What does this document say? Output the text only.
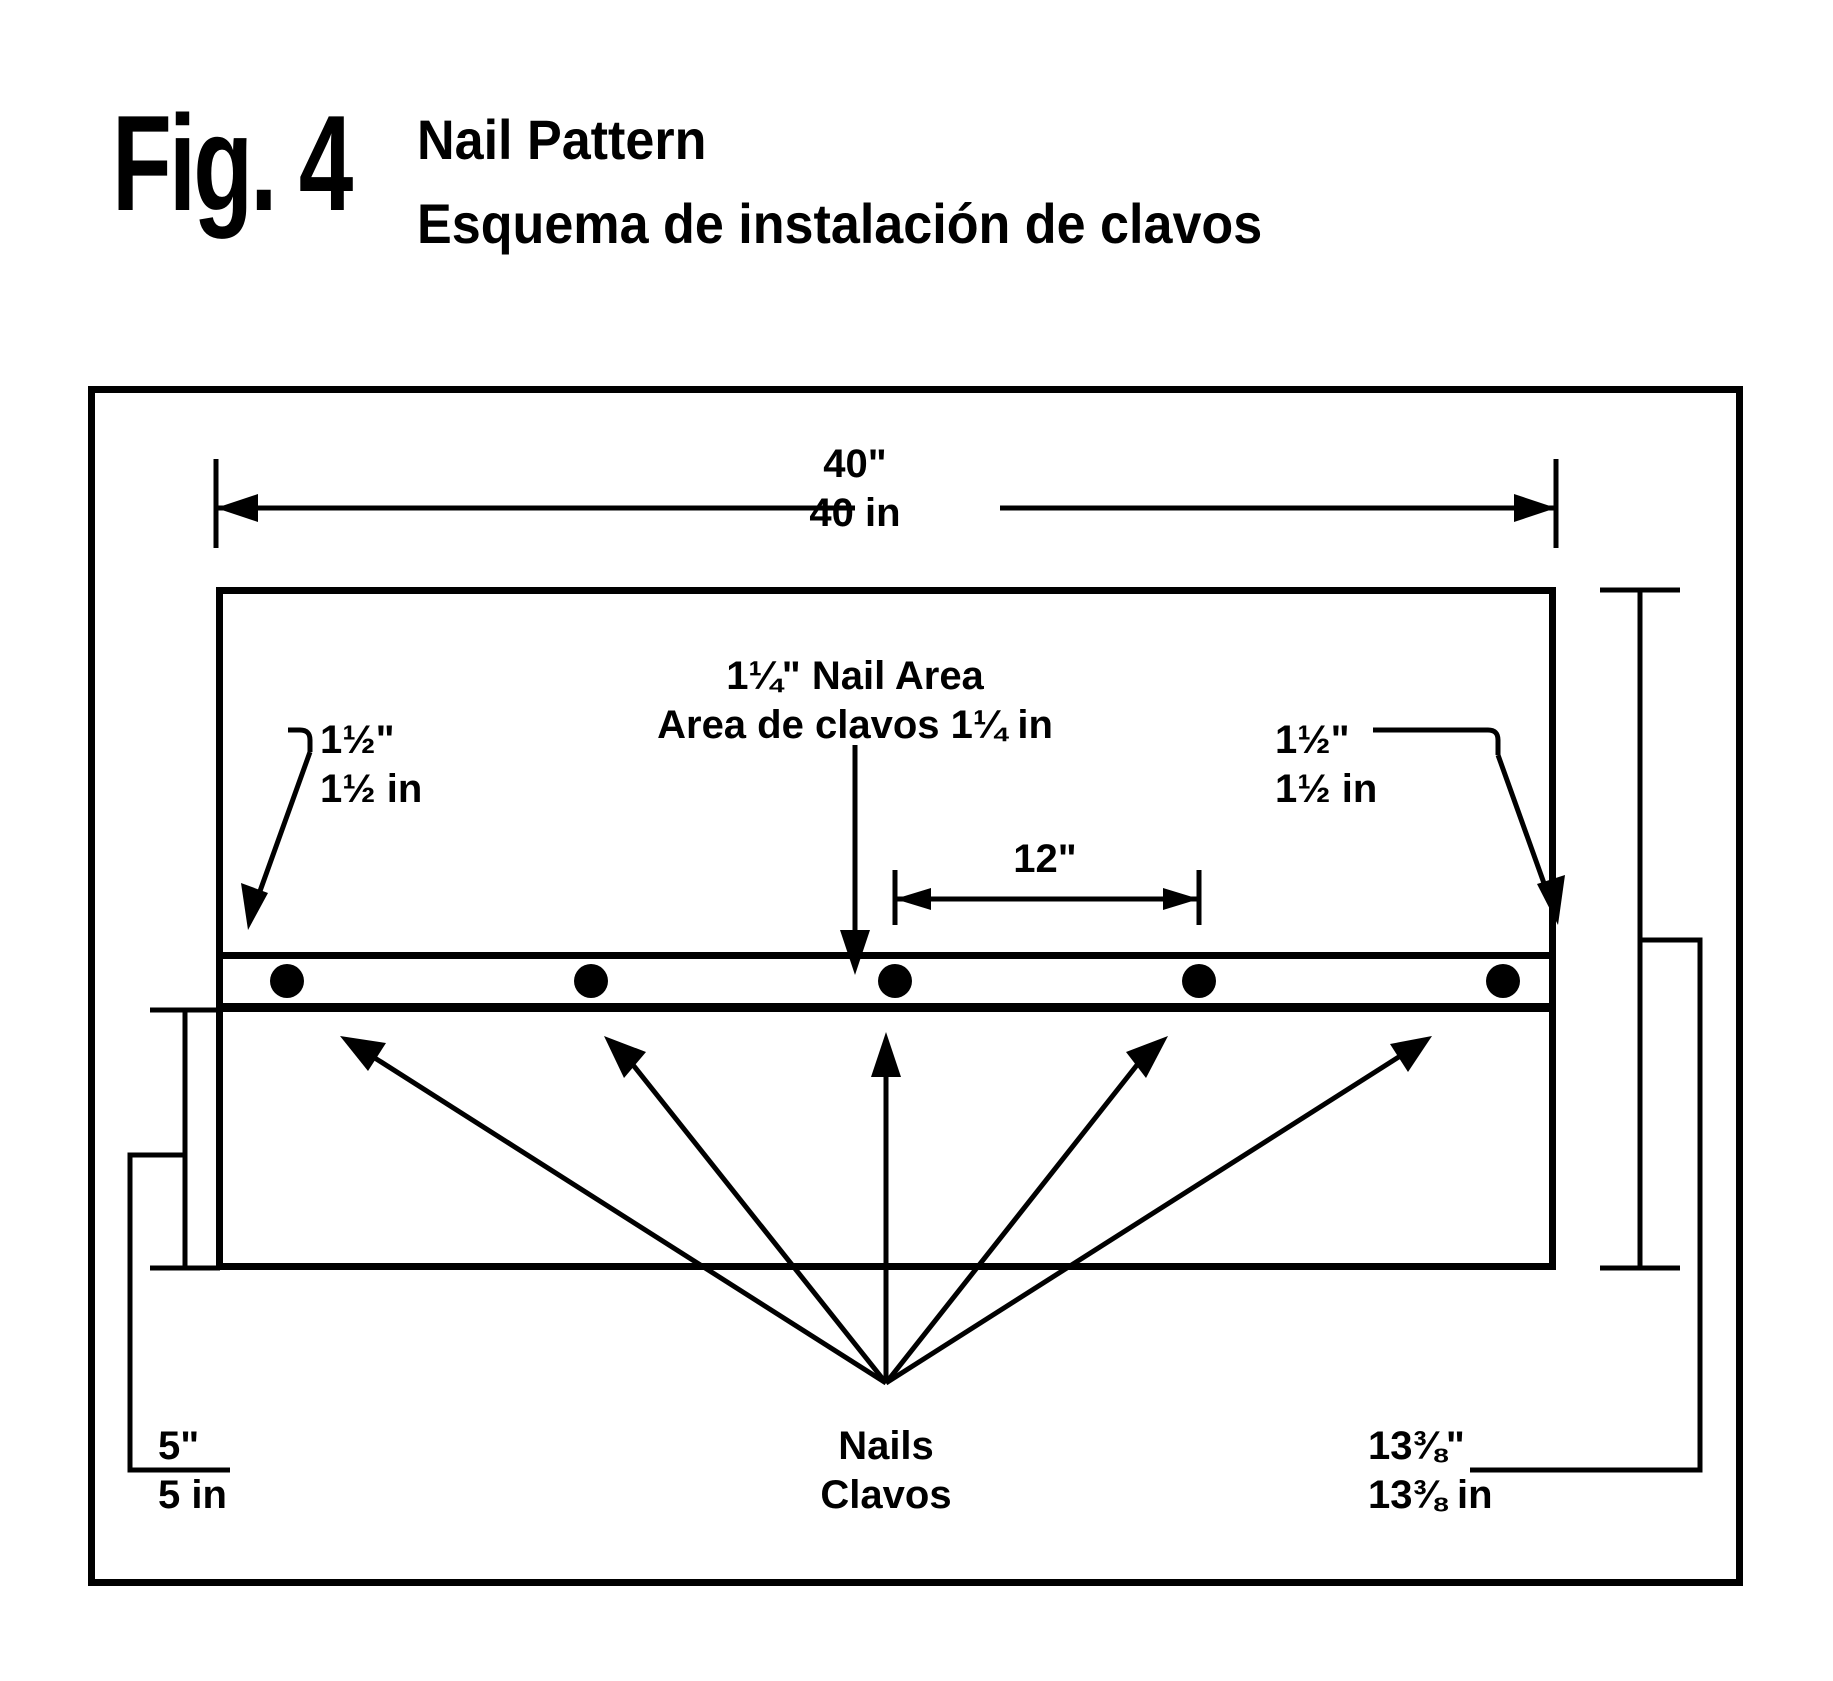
Fig. 4 Nail Pattern
Esquema de instalación de clavos
40"
40 in
1¼" Nail Area
Area de clavos 1¼ in
1½"
1½ in
1½"
1½ in
12"
Nails
Clavos
5"
5 in
13⅜"
13⅜ in
